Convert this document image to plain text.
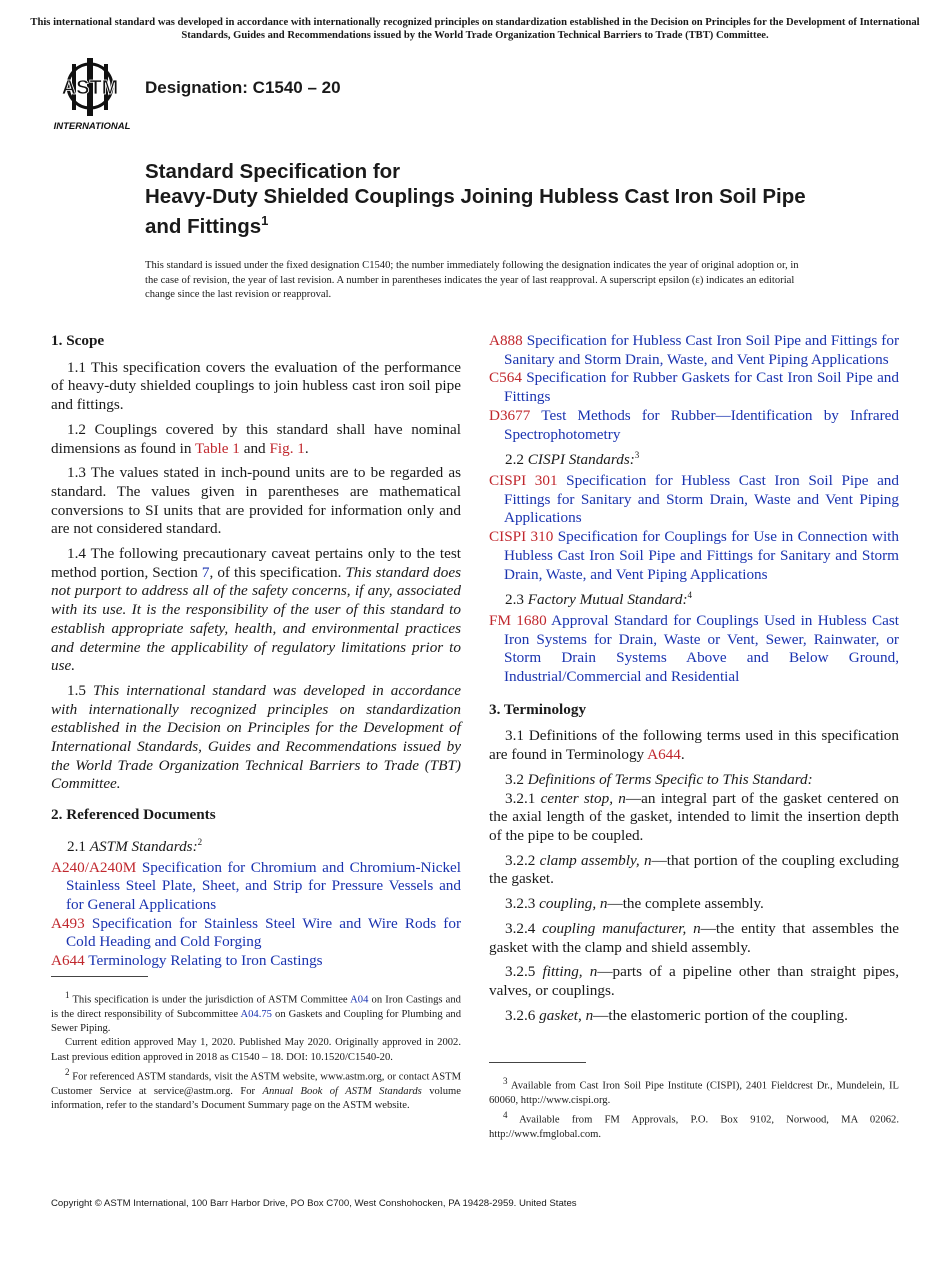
This international standard was developed in accordance with internationally recognized principles on standardization established in the Decision on Principles for the Development of International Standards, Guides and Recommendations issued by the World Trade Organization Technical Barriers to Trade (TBT) Committee.
ASTM
INTERNATIONAL
Designation: C1540 – 20
Standard Specification for
Heavy-Duty Shielded Couplings Joining Hubless Cast Iron Soil Pipe and Fittings$^1$
This standard is issued under the fixed designation C1540; the number immediately following the designation indicates the year of original adoption or, in the case of revision, the year of last revision. A number in parentheses indicates the year of last reapproval. A superscript epsilon (ε) indicates an editorial change since the last revision or reapproval.
1. Scope

1.1 This specification covers the evaluation of the performance of heavy-duty shielded couplings to join hubless cast iron soil pipe and fittings.

1.2 Couplings covered by this standard shall have nominal dimensions as found in Table 1 and Fig. 1.

1.3 The values stated in inch-pound units are to be regarded as standard. The values given in parentheses are mathematical conversions to SI units that are provided for information only and are not considered standard.

1.4 The following precautionary caveat pertains only to the test method portion, Section 7, of this specification. This standard does not purport to address all of the safety concerns, if any, associated with its use. It is the responsibility of the user of this standard to establish appropriate safety, health, and environmental practices and determine the applicability of regulatory limitations prior to use.

1.5 This international standard was developed in accordance with internationally recognized principles on standardization established in the Decision on Principles for the Development of International Standards, Guides and Recommendations issued by the World Trade Organization Technical Barriers to Trade (TBT) Committee.

2. Referenced Documents
2.1 ASTM Standards:$^2$
A240/A240M Specification for Chromium and Chromium-Nickel Stainless Steel Plate, Sheet, and Strip for Pressure Vessels and for General Applications
A493 Specification for Stainless Steel Wire and Wire Rods for Cold Heading and Cold Forging
A644 Terminology Relating to Iron Castings

$^1$ This specification is under the jurisdiction of ASTM Committee A04 on Iron Castings and is the direct responsibility of Subcommittee A04.75 on Gaskets and Coupling for Plumbing and Sewer Piping.

Current edition approved May 1, 2020. Published May 2020. Originally approved in 2002. Last previous edition approved in 2018 as C1540 – 18. DOI: 10.1520/C1540-20.

$^2$ For referenced ASTM standards, visit the ASTM website, www.astm.org, or contact ASTM Customer Service at service@astm.org. For Annual Book of ASTM Standards volume information, refer to the standard’s Document Summary page on the ASTM website.

A888 Specification for Hubless Cast Iron Soil Pipe and Fittings for Sanitary and Storm Drain, Waste, and Vent Piping Applications
C564 Specification for Rubber Gaskets for Cast Iron Soil Pipe and Fittings
D3677 Test Methods for Rubber—Identification by Infrared Spectrophotometry
2.2 CISPI Standards:$^3$
CISPI 301 Specification for Hubless Cast Iron Soil Pipe and Fittings for Sanitary and Storm Drain, Waste and Vent Piping Applications
CISPI 310 Specification for Couplings for Use in Connection with Hubless Cast Iron Soil Pipe and Fittings for Sanitary and Storm Drain, Waste, and Vent Piping Applications
2.3 Factory Mutual Standard:$^4$
FM 1680 Approval Standard for Couplings Used in Hubless Cast Iron Systems for Drain, Waste or Vent, Sewer, Rainwater, or Storm Drain Systems Above and Below Ground, Industrial/Commercial and Residential
3. Terminology

3.1 Definitions of the following terms used in this specification are found in Terminology A644.

3.2 Definitions of Terms Specific to This Standard:

3.2.1 center stop, n—an integral part of the gasket centered on the axial length of the gasket, intended to limit the insertion depth of the pipe to be coupled.

3.2.2 clamp assembly, n—that portion of the coupling excluding the gasket.

3.2.3 coupling, n—the complete assembly.

3.2.4 coupling manufacturer, n—the entity that assembles the gasket with the clamp and shield assembly.

3.2.5 fitting, n—parts of a pipeline other than straight pipes, valves, or couplings.

3.2.6 gasket, n—the elastomeric portion of the coupling.

$^3$ Available from Cast Iron Soil Pipe Institute (CISPI), 2401 Fieldcrest Dr., Mundelein, IL 60060, http://www.cispi.org.

$^4$ Available from FM Approvals, P.O. Box 9102, Norwood, MA 02062. http://www.fmglobal.com.

Copyright © ASTM International, 100 Barr Harbor Drive, PO Box C700, West Conshohocken, PA 19428-2959. United States
